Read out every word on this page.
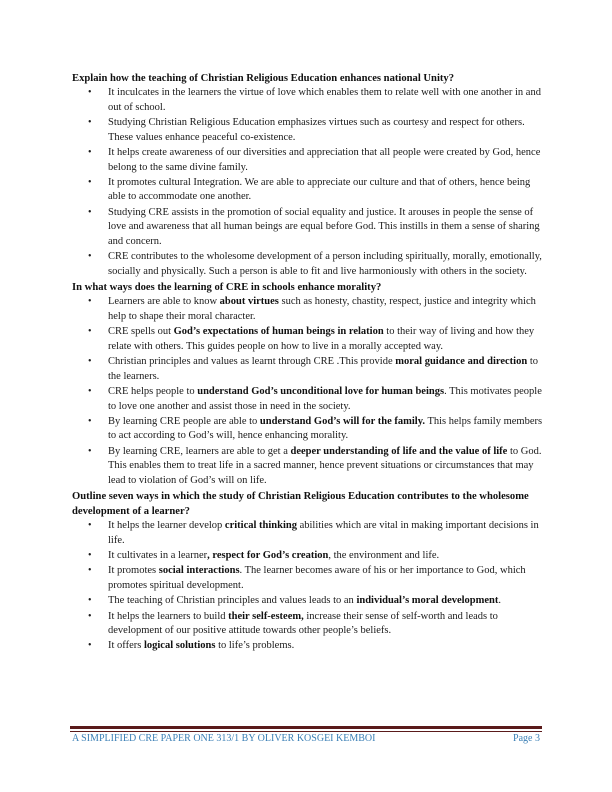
Explain how the teaching of Christian Religious Education enhances national Unity?

• It inculcates in the learners the virtue of love which enables them to relate well with one another in and out of school.
• Studying Christian Religious Education emphasizes virtues such as courtesy and respect for others. These values enhance peaceful co-existence.
• It helps create awareness of our diversities and appreciation that all people were created by God, hence belong to the same divine family.
• It promotes cultural Integration. We are able to appreciate our culture and that of others, hence being able to accommodate one another.
• Studying CRE assists in the promotion of social equality and justice. It arouses in people the sense of love and awareness that all human beings are equal before God. This instills in them a sense of sharing and concern.
• CRE contributes to the wholesome development of a person including spiritually, morally, emotionally, socially and physically. Such a person is able to fit and live harmoniously with others in the society.

In what ways does the learning of CRE in schools enhance morality?

• Learners are able to know about virtues such as honesty, chastity, respect, justice and integrity which help to shape their moral character.
• CRE spells out God’s expectations of human beings in relation to their way of living and how they relate with others. This guides people on how to live in a morally accepted way.
• Christian principles and values as learnt through CRE .This provide moral guidance and direction to the learners.
• CRE helps people to understand God’s unconditional love for human beings. This motivates people to love one another and assist those in need in the society.
• By learning CRE people are able to understand God’s will for the family. This helps family members to act according to God’s will, hence enhancing morality.
• By learning CRE, learners are able to get a deeper understanding of life and the value of life to God. This enables them to treat life in a sacred manner, hence prevent situations or circumstances that may lead to violation of God’s will on life.

Outline seven ways in which the study of Christian Religious Education contributes to the wholesome development of a learner?

• It helps the learner develop critical thinking abilities which are vital in making important decisions in life.
• It cultivates in a learner, respect for God’s creation, the environment and life.
• It promotes social interactions. The learner becomes aware of his or her importance to God, which promotes spiritual development.
• The teaching of Christian principles and values leads to an individual’s moral development.
• It helps the learners to build their self-esteem, increase their sense of self-worth and leads to development of our positive attitude towards other people’s beliefs.
• It offers logical solutions to life’s problems.
A SIMPLIFIED CRE PAPER ONE 313/1 BY OLIVER KOSGEI KEMBOI	Page 3
